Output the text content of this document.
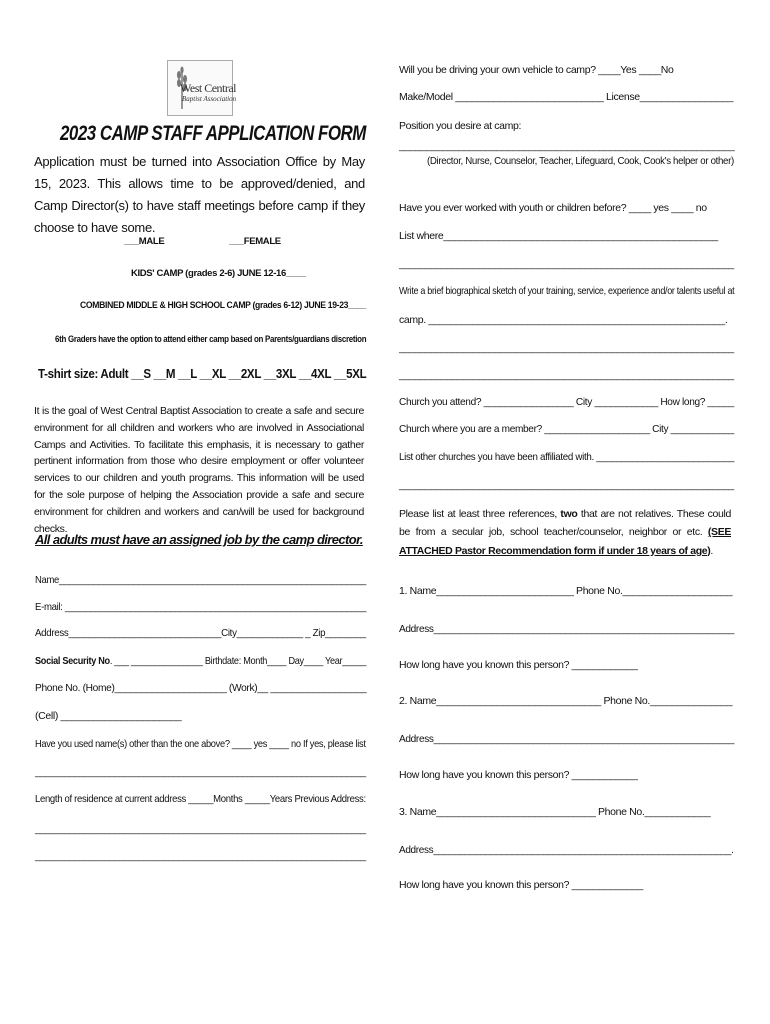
West Central
Baptist Association
2023 CAMP STAFF APPLICATION FORM
Application must be turned into Association Office by May 15, 2023. This allows time to be approved/denied, and Camp Director(s) to have staff meetings before camp if they choose to have some.
___MALE	___FEMALE
KIDS' CAMP (grades 2-6) JUNE 12-16____
COMBINED MIDDLE & HIGH SCHOOL CAMP (grades 6-12) JUNE 19-23____
6th Graders have the option to attend either camp based on Parents/guardians discretion
T-shirt size: Adult __S __M __L __XL __2XL __3XL __4XL __5XL
It is the goal of West Central Baptist Association to create a safe and secure environment for all children and workers who are involved in Associational Camps and Activities. To facilitate this emphasis, it is necessary to gather pertinent information from those who desire employment or offer volunteer services to our children and youth programs. This information will be used for the sole purpose of helping the Association provide a safe and secure environment for children and workers and can/will be used for background checks.
All adults must have an assigned job by the camp director.
Name______________________________________________________________
E-mail: ____________________________________________________________
Address______________________________City_____________ _ Zip________
Social Security No. ___ _______________ Birthdate: Month____ Day____ Year_____
Phone No. (Home)_____________________ (Work)__ __________________
(Cell) ______________________
Have you used name(s) other than the one above? ____ yes ____ no If yes, please list
___________________________________________________________________
Length of residence at current address _____Months _____Years Previous Address:
___________________________________________________________________
___________________________________________________________________
Will you be driving your own vehicle to camp? ____Yes ____No
Make/Model ___________________________ License_________________
Position you desire at camp:
______________________________________________________________
(Director, Nurse, Counselor, Teacher, Lifeguard, Cook, Cook's helper or other)
Have you ever worked with youth or children before? ____ yes ____ no
List where__________________________________________________
_______________________________________________________________
Write a brief biographical sketch of your training, service, experience and/or talents useful at
camp. ______________________________________________________.
_______________________________________________________________
_______________________________________________________________
Church you attend? _________________ City ____________ How long? _____
Church where you are a member? ____________________ City ____________
List other churches you have been affiliated with. ___________________________
_______________________________________________________________
Please list at least three references, two that are not relatives. These could be from a secular job, school teacher/counselor, neighbor or etc. (SEE ATTACHED Pastor Recommendation form if under 18 years of age).
1. Name_________________________ Phone No.____________________
Address_________________________________________________________
How long have you known this person? ____________
2. Name______________________________ Phone No._______________
Address_________________________________________________________
How long have you known this person? ____________
3. Name_____________________________ Phone No.____________
Address_________________________________________________________.
How long have you known this person? _____________
